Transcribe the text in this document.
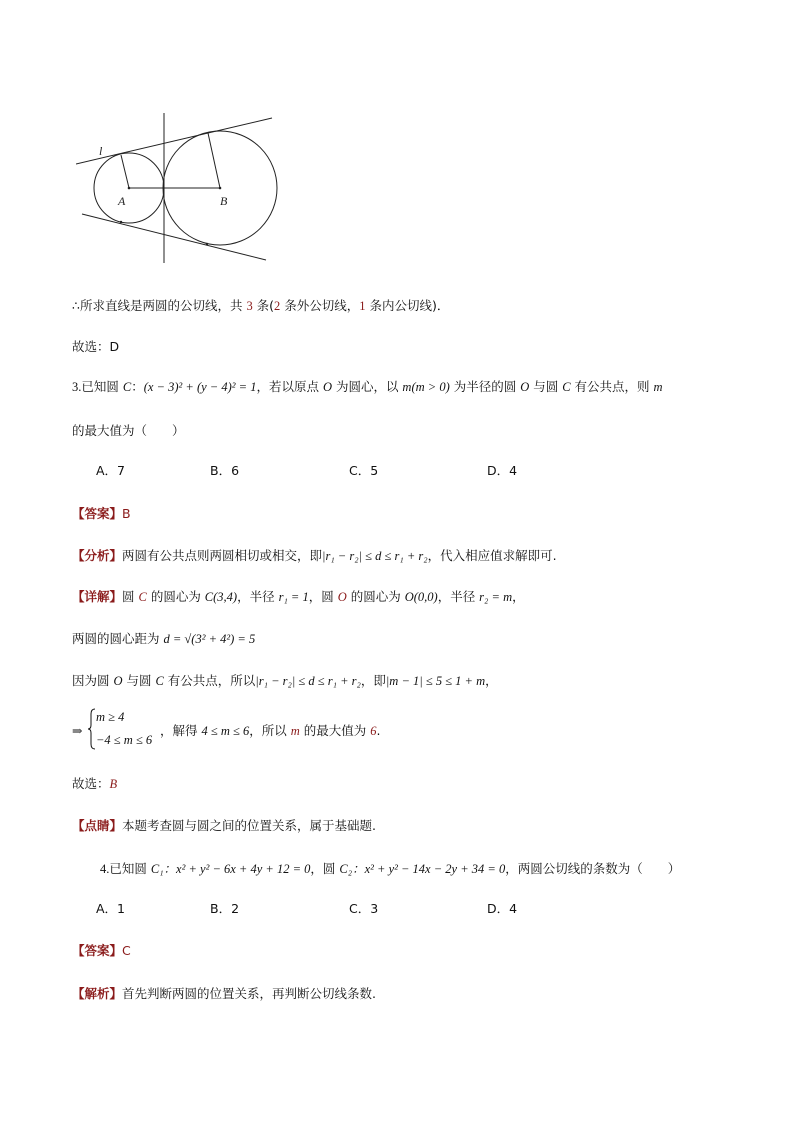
l
A	B
∴所求直线是两圆的公切线，共 3 条(2 条外公切线，1 条内公切线)．
故选：D
3.已知圆 C：(x − 3)² + (y − 4)² = 1，若以原点 O 为圆心，以 m(m > 0) 为半径的圆 O 与圆 C 有公共点，则 m
的最大值为（　　）
A．7	B．6	C．5	D．4
【答案】B
【分析】两圆有公共点则两圆相切或相交，即|r₁ − r₂| ≤ d ≤ r₁ + r₂，代入相应值求解即可.
【详解】圆 C 的圆心为 C(3,4)，半径 r₁ = 1，圆 O 的圆心为 O(0,0)，半径 r₂ = m，
两圆的圆心距为 d = √(3² + 4²) = 5
因为圆 O 与圆 C 有公共点，所以|r₁ − r₂| ≤ d ≤ r₁ + r₂，即|m − 1| ≤ 5 ≤ 1 + m，
⇒
m ≥ 4
−4 ≤ m ≤ 6
，解得 4 ≤ m ≤ 6，所以 m 的最大值为 6.
故选：B
【点睛】本题考查圆与圆之间的位置关系，属于基础题.
4.已知圆 C₁：x² + y² − 6x + 4y + 12 = 0，圆 C₂：x² + y² − 14x − 2y + 34 = 0，两圆公切线的条数为（　　）
A．1	B．2	C．3	D．4
【答案】C
【解析】首先判断两圆的位置关系，再判断公切线条数.
